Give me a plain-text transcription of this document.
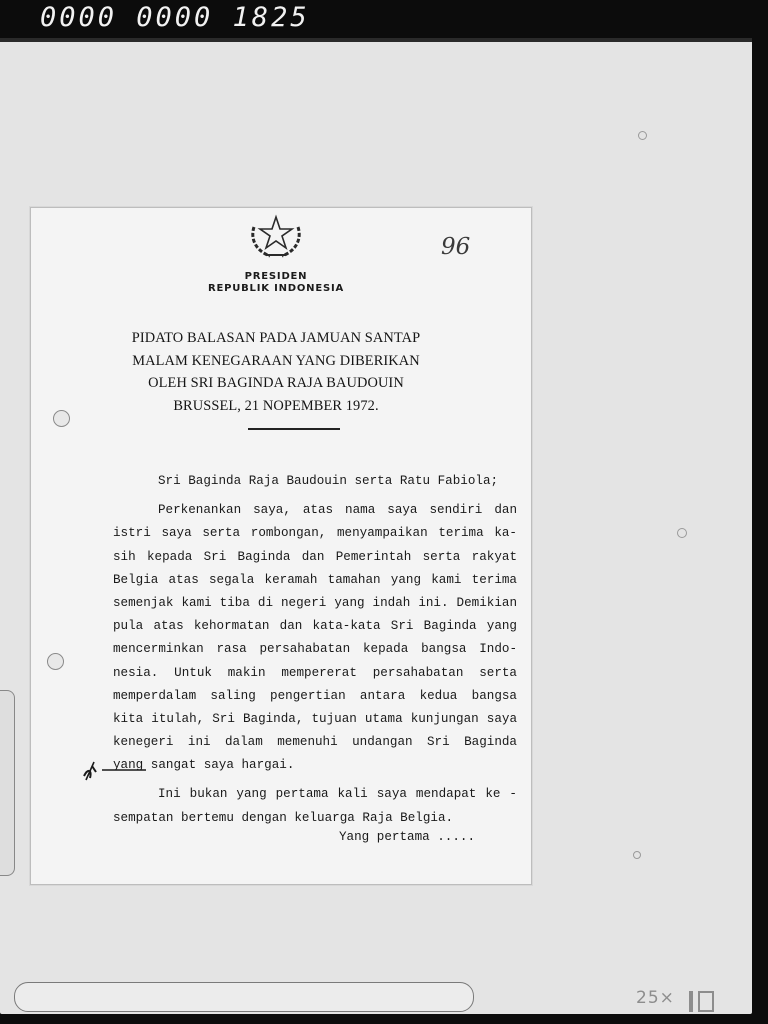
0000 0000 1825
25×
PRESIDEN
REPUBLIK INDONESIA
96
PIDATO BALASAN PADA JAMUAN SANTAP
MALAM KENEGARAAN YANG DIBERIKAN
OLEH SRI BAGINDA RAJA BAUDOUIN
BRUSSEL, 21 NOPEMBER 1972.
Sri Baginda Raja Baudouin serta Ratu Fabiola;
Perkenankan saya, atas nama saya sendiri dan
istri saya serta rombongan, menyampaikan terima ka-
sih kepada Sri Baginda dan Pemerintah serta rakyat
Belgia atas segala keramah tamahan yang kami terima
semenjak kami tiba di negeri yang indah ini. Demikian
pula atas kehormatan dan kata-kata Sri Baginda yang
mencerminkan rasa persahabatan kepada bangsa Indo-
nesia. Untuk makin mempererat persahabatan serta
memperdalam saling pengertian antara kedua bangsa
kita itulah, Sri Baginda, tujuan utama kunjungan saya
kenegeri ini dalam memenuhi undangan Sri Baginda
yang sangat saya hargai.
Ini bukan yang pertama kali saya mendapat ke -
sempatan bertemu dengan keluarga Raja Belgia.
Yang pertama .....
